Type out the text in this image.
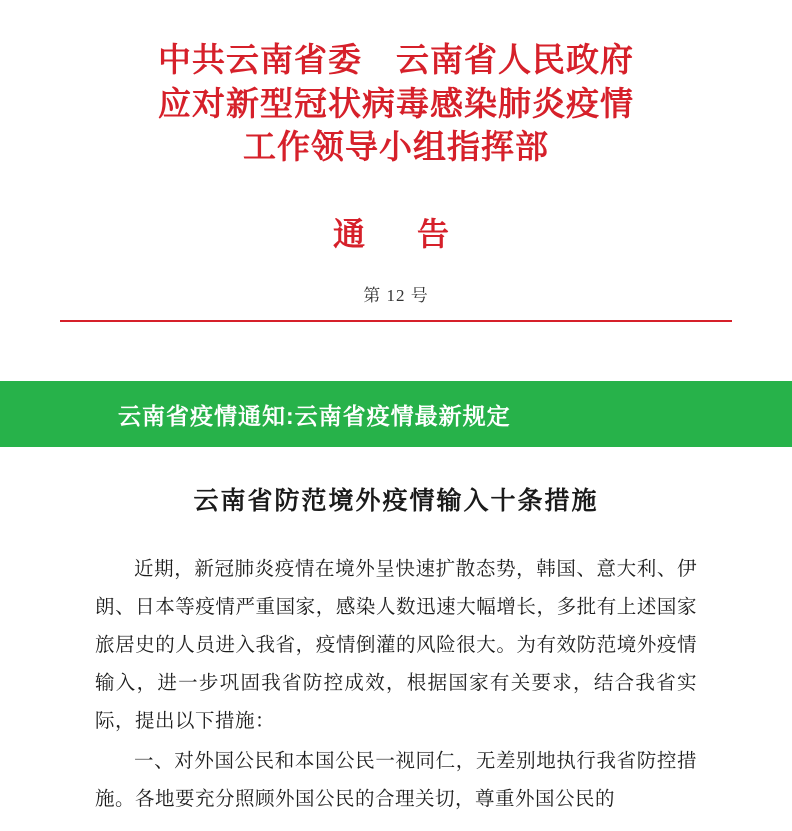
中共云南省委　云南省人民政府
应对新型冠状病毒感染肺炎疫情
工作领导小组指挥部
通　告
第 12 号
云南省疫情通知:云南省疫情最新规定
云南省防范境外疫情输入十条措施

近期，新冠肺炎疫情在境外呈快速扩散态势，韩国、意大利、伊朗、日本等疫情严重国家，感染人数迅速大幅增长，多批有上述国家旅居史的人员进入我省，疫情倒灌的风险很大。为有效防范境外疫情输入，进一步巩固我省防控成效，根据国家有关要求，结合我省实际，提出以下措施：

一、对外国公民和本国公民一视同仁，无差别地执行我省防控措施。各地要充分照顾外国公民的合理关切，尊重外国公民的
